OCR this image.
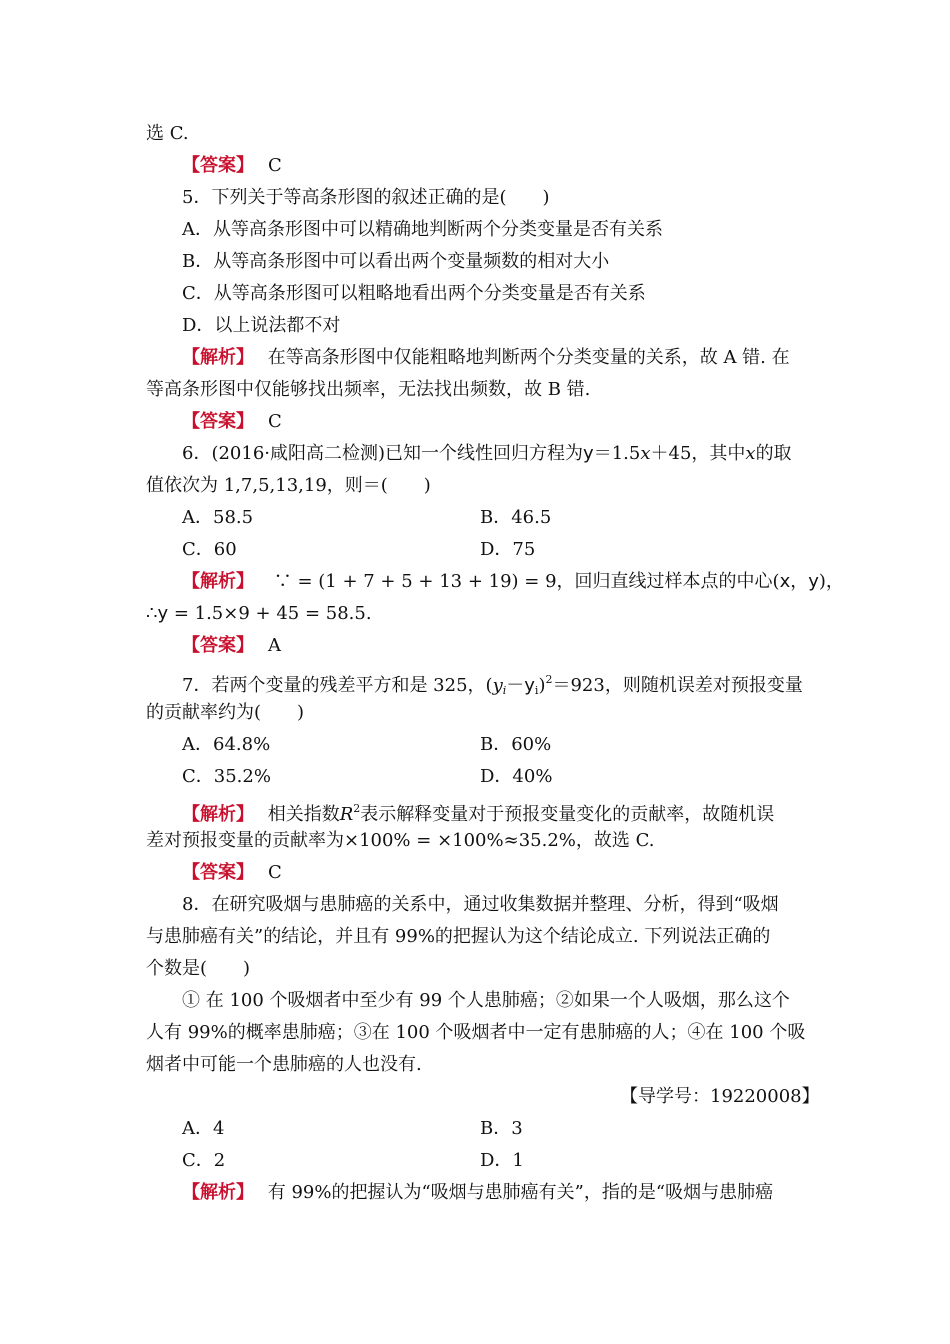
选 C.
【答案】 C
5．下列关于等高条形图的叙述正确的是(　　)
A．从等高条形图中可以精确地判断两个分类变量是否有关系
B．从等高条形图中可以看出两个变量频数的相对大小
C．从等高条形图可以粗略地看出两个分类变量是否有关系
D．以上说法都不对
【解析】 在等高条形图中仅能粗略地判断两个分类变量的关系，故 A 错. 在
等高条形图中仅能够找出频率，无法找出频数，故 B 错.
【答案】 C
6．(2016·咸阳高二检测)已知一个线性回归方程为y＝1.5x＋45，其中x的取
值依次为 1,7,5,13,19，则＝(　　)
A．58.5	B．46.5
C．60	D．75
【解析】 ∵ = (1 + 7 + 5 + 13 + 19) = 9，回归直线过样本点的中心(x，y)，
∴y = 1.5×9 + 45 = 58.5.
【答案】 A
7．若两个变量的残差平方和是 325，$(y_i-y_i)^2=923$，则随机误差对预报变量
的贡献率约为(　　)
A．64.8%	B．60%
C．35.2%	D．40%
【解析】 相关指数$R^2$表示解释变量对于预报变量变化的贡献率，故随机误
差对预报变量的贡献率为×100% = ×100%≈35.2%，故选 C.
【答案】 C
8．在研究吸烟与患肺癌的关系中，通过收集数据并整理、分析，得到“吸烟
与患肺癌有关”的结论，并且有 99%的把握认为这个结论成立. 下列说法正确的
个数是(　　)
① 在 100 个吸烟者中至少有 99 个人患肺癌；②如果一个人吸烟，那么这个
人有 99%的概率患肺癌；③在 100 个吸烟者中一定有患肺癌的人；④在 100 个吸
烟者中可能一个患肺癌的人也没有.
【导学号：19220008】
A．4	B．3
C．2	D．1
【解析】 有 99%的把握认为“吸烟与患肺癌有关”，指的是“吸烟与患肺癌
